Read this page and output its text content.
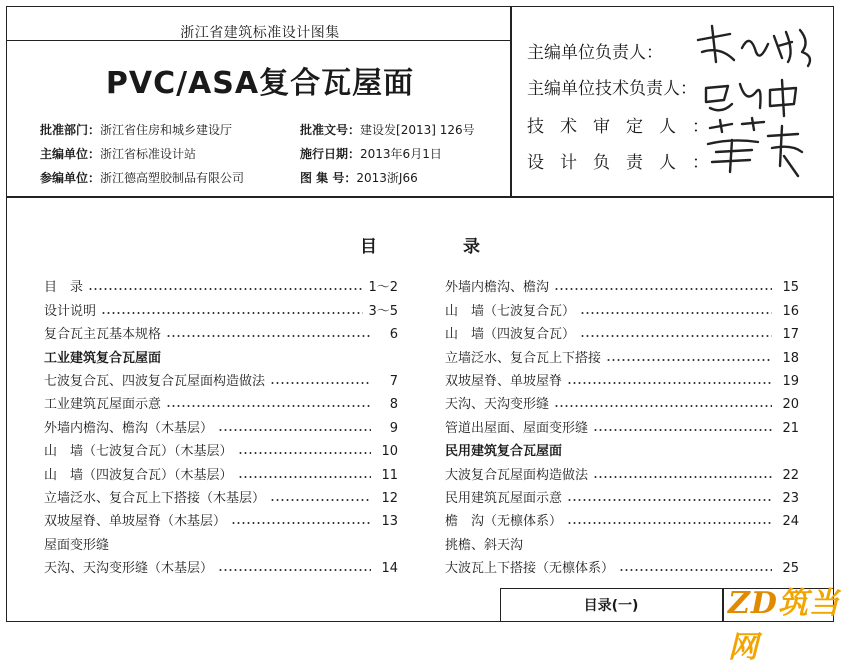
浙江省建筑标准设计图集
PVC/ASA复合瓦屋面
批准部门：浙江省住房和城乡建设厅
主编单位：浙江省标准设计站
参编单位：浙江德高塑胶制品有限公司
批准文号：建设发[2013] 126号
施行日期：2013年6月1日
图 集 号：2013浙J66
主编单位负责人：
主编单位技术负责人：
技术审定人：
设计负责人：
目	录
目　录	1～2
设计说明	3～5
复合瓦主瓦基本规格	6
工业建筑复合瓦屋面
七波复合瓦、四波复合瓦屋面构造做法	7
工业建筑瓦屋面示意	8
外墙内檐沟、檐沟（木基层）	9
山　墙（七波复合瓦）（木基层）	10
山　墙（四波复合瓦）（木基层）	11
立墙泛水、复合瓦上下搭接（木基层）	12
双坡屋脊、单坡屋脊（木基层）	13
屋面变形缝
天沟、天沟变形缝（木基层）	14
外墙内檐沟、檐沟	15
山　墙（七波复合瓦）	16
山　墙（四波复合瓦）	17
立墙泛水、复合瓦上下搭接	18
双坡屋脊、单坡屋脊	19
天沟、天沟变形缝	20
管道出屋面、屋面变形缝	21
民用建筑复合瓦屋面
大波复合瓦屋面构造做法	22
民用建筑瓦屋面示意	23
檐　沟（无檩体系）	24
挑檐、斜天沟
大波瓦上下搭接（无檩体系）	25
目录(一)	ZD筑当网
